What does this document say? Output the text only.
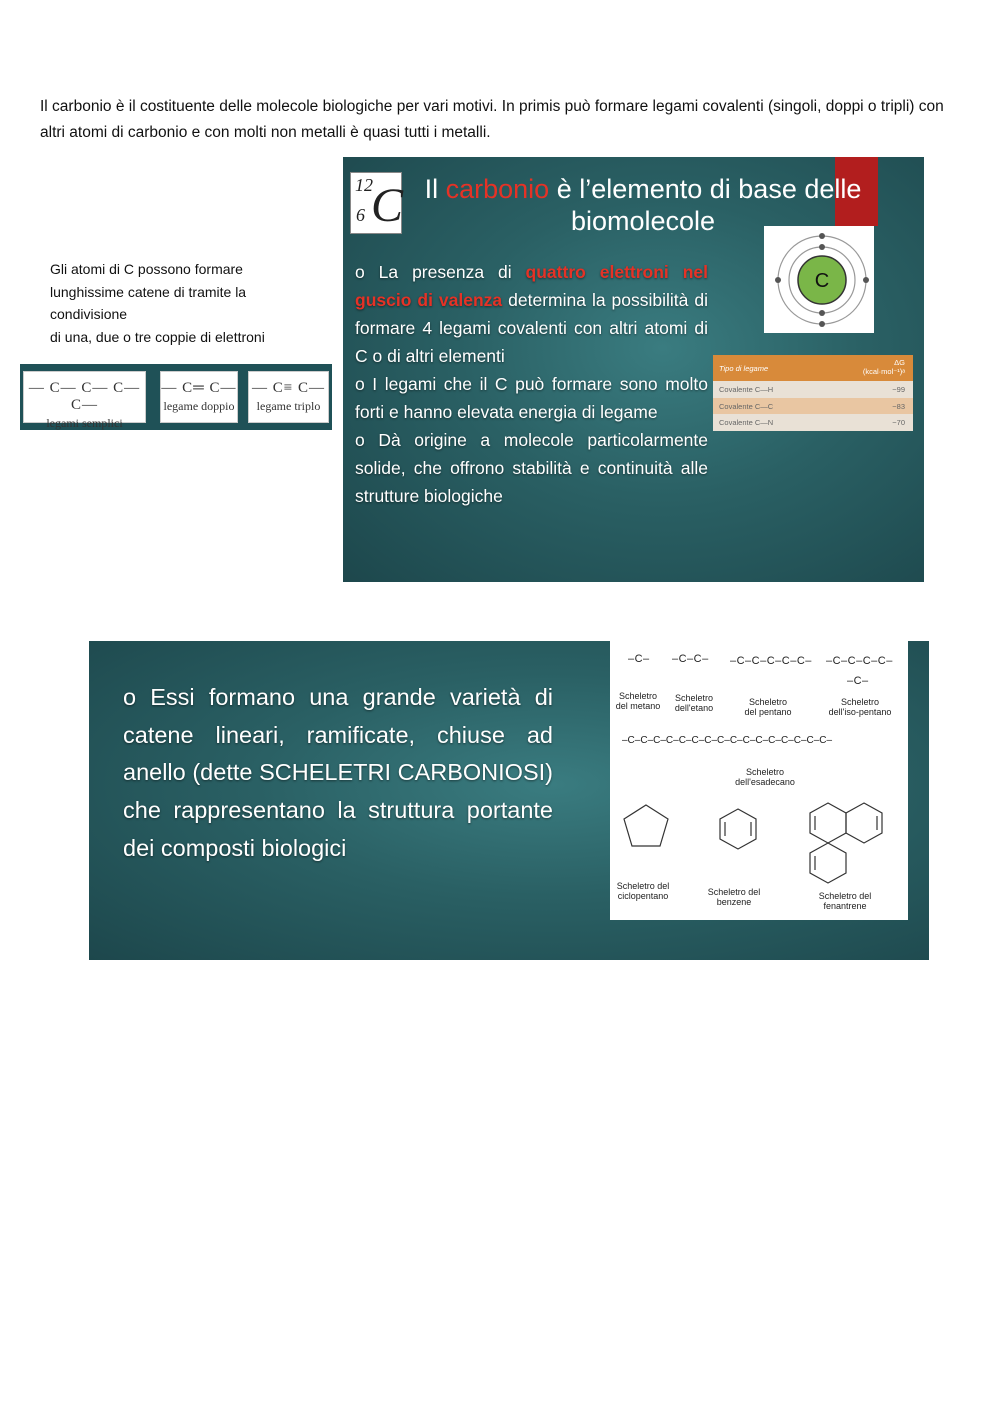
Il carbonio è il costituente delle molecole biologiche per vari motivi. In primis può formare legami covalenti (singoli, doppi o tripli) con altri atomi di carbonio e con molti non metalli è quasi tutti i metalli.
Gli atomi di C possono formare
lunghissime catene di tramite la
condivisione
di una, due o tre coppie di elettroni
— C— C— C— C—
legami semplici
— C═ C—
legame doppio
— C≡ C—
legame triplo
12
6 C Il carbonio è l’elemento di base delle biomolecole

o La presenza di quattro elettroni nel guscio di valenza determina la possibilità di formare 4 legami covalenti con altri atomi di C o di altri elementi

o I legami che il C può formare sono molto forti e hanno elevata energia di legame

o Dà origine a molecole particolarmente solide, che offrono stabilità e continuità alle strutture biologiche

C
Tipo di legame
ΔG (kcal·mol⁻¹)ᵃ
Covalente C—H	−99
Covalente C—C	−83
Covalente C—N	−70
o Essi formano una grande varietà di catene lineari, ramificate, chiuse ad anello (dette SCHELETRI CARBONIOSI) che rappresentano la struttura portante dei composti biologici
–C– –C–C– –C–C–C–C–C– –C–C–C–C–
–C–
Scheletro del metano
Scheletro dell'etano
Scheletro del pentano
Scheletro dell'iso-pentano
–C–C–C–C–C–C–C–C–C–C–C–C–C–C–C–C–
Scheletro dell'esadecano
Scheletro del ciclopentano	Scheletro del benzene
Scheletro del fenantrene
